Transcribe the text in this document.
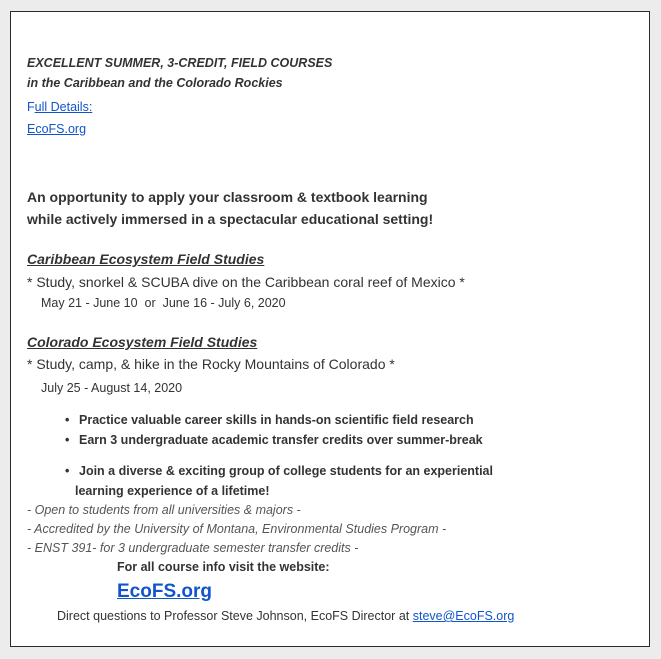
EXCELLENT SUMMER, 3-CREDIT, FIELD COURSES
in the Caribbean and the Colorado Rockies
Full Details:
EcoFS.org
An opportunity to apply your classroom & textbook learning
while actively immersed in a spectacular educational setting!
Caribbean Ecosystem Field Studies
* Study, snorkel & SCUBA dive on the Caribbean coral reef of Mexico *
May 21 - June 10  or  June 16 - July 6, 2020
Colorado Ecosystem Field Studies
* Study, camp, & hike in the Rocky Mountains of Colorado *
July 25 - August 14, 2020
• Practice valuable career skills in hands-on scientific field research
• Earn 3 undergraduate academic transfer credits over summer-break
• Join a diverse & exciting group of college students for an experiential
learning experience of a lifetime!
- Open to students from all universities & majors -
- Accredited by the University of Montana, Environmental Studies Program -
- ENST 391- for 3 undergraduate semester transfer credits -
For all course info visit the website:
EcoFS.org
Direct questions to Professor Steve Johnson, EcoFS Director at steve@EcoFS.org
